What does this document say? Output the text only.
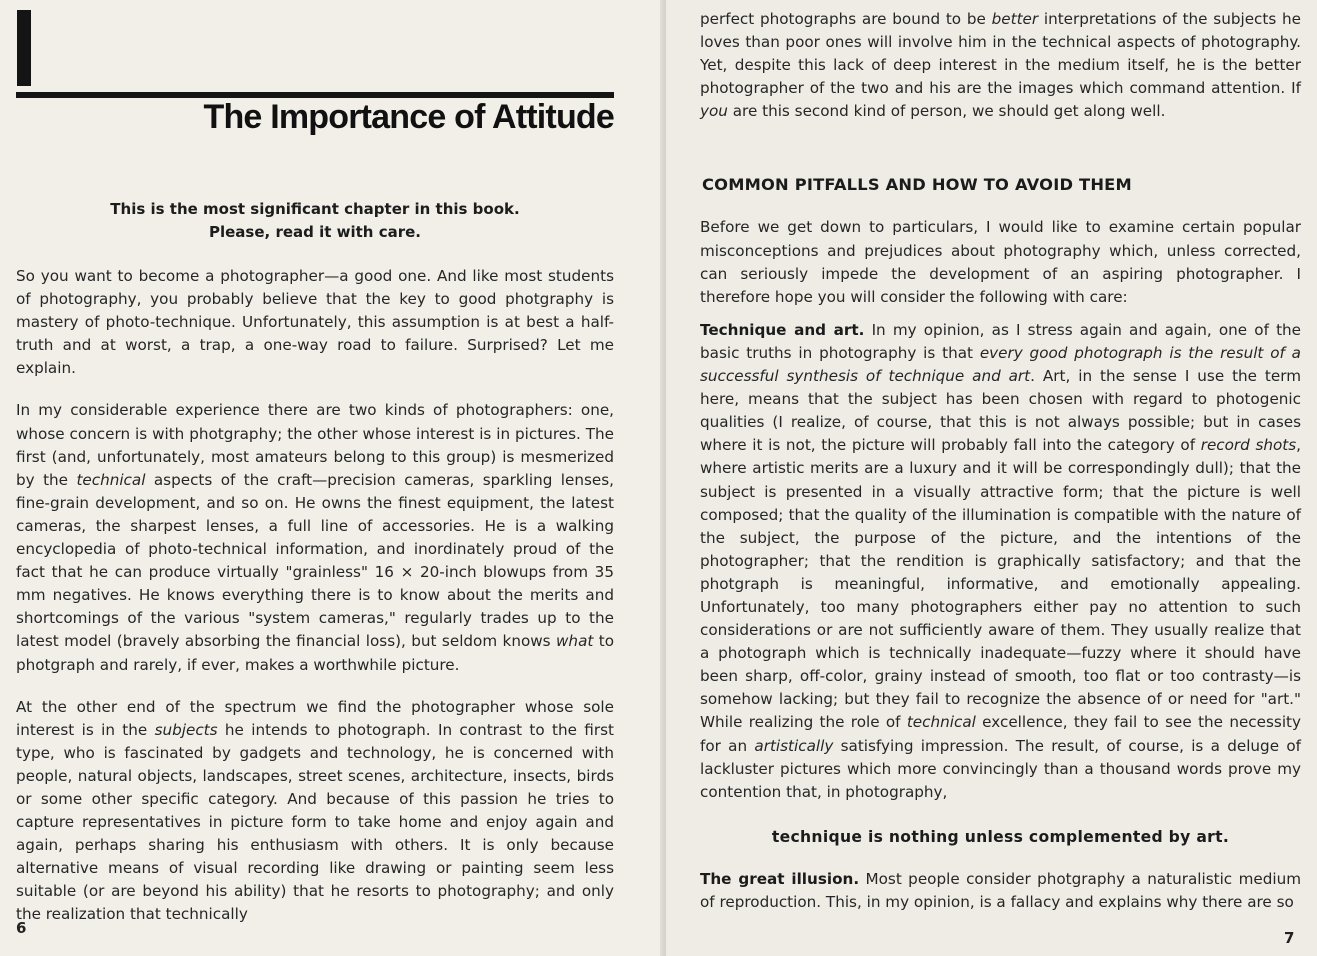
The Importance of Attitude
This is the most significant chapter in this book.
Please, read it with care.

So you want to become a photographer—a good one. And like most students of photography, you probably believe that the key to good photgraphy is mastery of photo-technique. Unfortunately, this assumption is at best a half-truth and at worst, a trap, a one-way road to failure. Surprised? Let me explain.

In my considerable experience there are two kinds of photographers: one, whose concern is with photgraphy; the other whose interest is in pictures. The first (and, unfortunately, most amateurs belong to this group) is mesmerized by the technical aspects of the craft—precision cameras, sparkling lenses, fine-grain development, and so on. He owns the finest equipment, the latest cameras, the sharpest lenses, a full line of accessories. He is a walking encyclopedia of photo-technical information, and inordinately proud of the fact that he can produce virtually "grainless" 16 × 20-inch blowups from 35 mm negatives. He knows everything there is to know about the merits and shortcomings of the various "system cameras," regularly trades up to the latest model (bravely absorbing the financial loss), but seldom knows what to photgraph and rarely, if ever, makes a worthwhile picture.

At the other end of the spectrum we find the photographer whose sole interest is in the subjects he intends to photograph. In contrast to the first type, who is fascinated by gadgets and technology, he is concerned with people, natural objects, landscapes, street scenes, architecture, insects, birds or some other specific category. And because of this passion he tries to capture representatives in picture form to take home and enjoy again and again, perhaps sharing his enthusiasm with others. It is only because alternative means of visual recording like drawing or painting seem less suitable (or are beyond his ability) that he resorts to photography; and only the realization that technically

6

perfect photographs are bound to be better interpretations of the subjects he loves than poor ones will involve him in the technical aspects of photography. Yet, despite this lack of deep interest in the medium itself, he is the better photographer of the two and his are the images which command attention. If you are this second kind of person, we should get along well.

COMMON PITFALLS AND HOW TO AVOID THEM

Before we get down to particulars, I would like to examine certain popular misconceptions and prejudices about photography which, unless corrected, can seriously impede the development of an aspiring photographer. I therefore hope you will consider the following with care:

Technique and art. In my opinion, as I stress again and again, one of the basic truths in photography is that every good photograph is the result of a successful synthesis of technique and art. Art, in the sense I use the term here, means that the subject has been chosen with regard to photogenic qualities (I realize, of course, that this is not always possible; but in cases where it is not, the picture will probably fall into the category of record shots, where artistic merits are a luxury and it will be correspondingly dull); that the subject is presented in a visually attractive form; that the picture is well composed; that the quality of the illumination is compatible with the nature of the subject, the purpose of the picture, and the intentions of the photographer; that the rendition is graphically satisfactory; and that the photgraph is meaningful, informative, and emotionally appealing. Unfortunately, too many photographers either pay no attention to such considerations or are not sufficiently aware of them. They usually realize that a photograph which is technically inadequate—fuzzy where it should have been sharp, off-color, grainy instead of smooth, too flat or too contrasty—is somehow lacking; but they fail to recognize the absence of or need for "art." While realizing the role of technical excellence, they fail to see the necessity for an artistically satisfying impression. The result, of course, is a deluge of lackluster pictures which more convincingly than a thousand words prove my contention that, in photography,

technique is nothing unless complemented by art.

The great illusion. Most people consider photgraphy a naturalistic medium of reproduction. This, in my opinion, is a fallacy and explains why there are so

7
